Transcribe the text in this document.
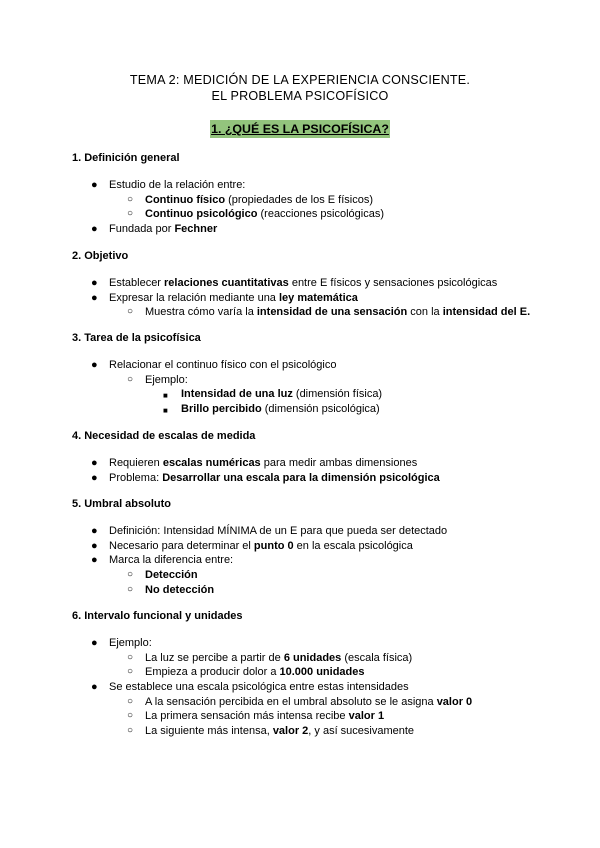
TEMA 2: MEDICIÓN DE LA EXPERIENCIA CONSCIENTE.
EL PROBLEMA PSICOFÍSICO
1. ¿QUÉ ES LA PSICOFÍSICA?
1. Definición general
● Estudio de la relación entre:
○ Continuo físico (propiedades de los E físicos)
○ Continuo psicológico (reacciones psicológicas)
● Fundada por Fechner
2. Objetivo
● Establecer relaciones cuantitativas entre E físicos y sensaciones psicológicas
● Expresar la relación mediante una ley matemática
○ Muestra cómo varía la intensidad de una sensación con la intensidad del E.
3. Tarea de la psicofísica
● Relacionar el continuo físico con el psicológico
○ Ejemplo:
■ Intensidad de una luz (dimensión física)
■ Brillo percibido (dimensión psicológica)
4. Necesidad de escalas de medida
● Requieren escalas numéricas para medir ambas dimensiones
● Problema: Desarrollar una escala para la dimensión psicológica
5. Umbral absoluto
● Definición: Intensidad MÍNIMA de un E para que pueda ser detectado
● Necesario para determinar el punto 0 en la escala psicológica
● Marca la diferencia entre:
○ Detección
○ No detección
6. Intervalo funcional y unidades
● Ejemplo:
○ La luz se percibe a partir de 6 unidades (escala física)
○ Empieza a producir dolor a 10.000 unidades
● Se establece una escala psicológica entre estas intensidades
○ A la sensación percibida en el umbral absoluto se le asigna valor 0
○ La primera sensación más intensa recibe valor 1
○ La siguiente más intensa, valor 2, y así sucesivamente
